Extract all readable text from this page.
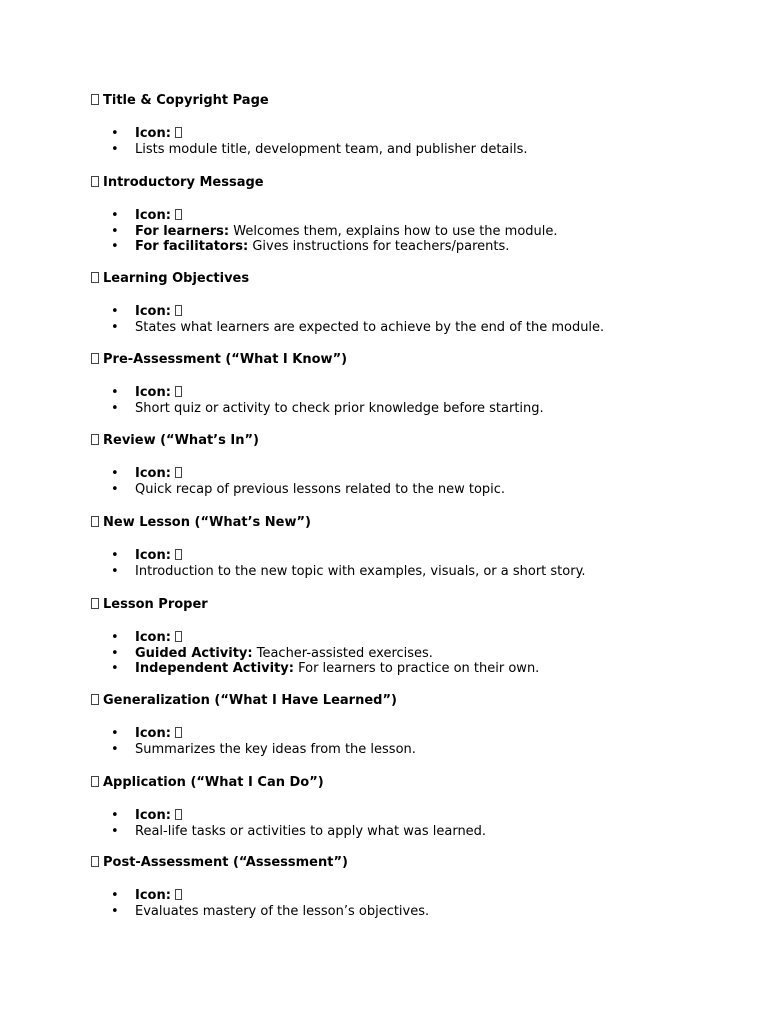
Title & Copyright Page
• Icon:
• Lists module title, development team, and publisher details.
Introductory Message
• Icon:
• For learners: Welcomes them, explains how to use the module.
• For facilitators: Gives instructions for teachers/parents.
Learning Objectives
• Icon:
• States what learners are expected to achieve by the end of the module.
Pre-Assessment (“What I Know”)
• Icon:
• Short quiz or activity to check prior knowledge before starting.
Review (“What’s In”)
• Icon:
• Quick recap of previous lessons related to the new topic.
New Lesson (“What’s New”)
• Icon:
• Introduction to the new topic with examples, visuals, or a short story.
Lesson Proper
• Icon:
• Guided Activity: Teacher-assisted exercises.
• Independent Activity: For learners to practice on their own.
Generalization (“What I Have Learned”)
• Icon:
• Summarizes the key ideas from the lesson.
Application (“What I Can Do”)
• Icon:
• Real-life tasks or activities to apply what was learned.
Post-Assessment (“Assessment”)
• Icon:
• Evaluates mastery of the lesson’s objectives.
